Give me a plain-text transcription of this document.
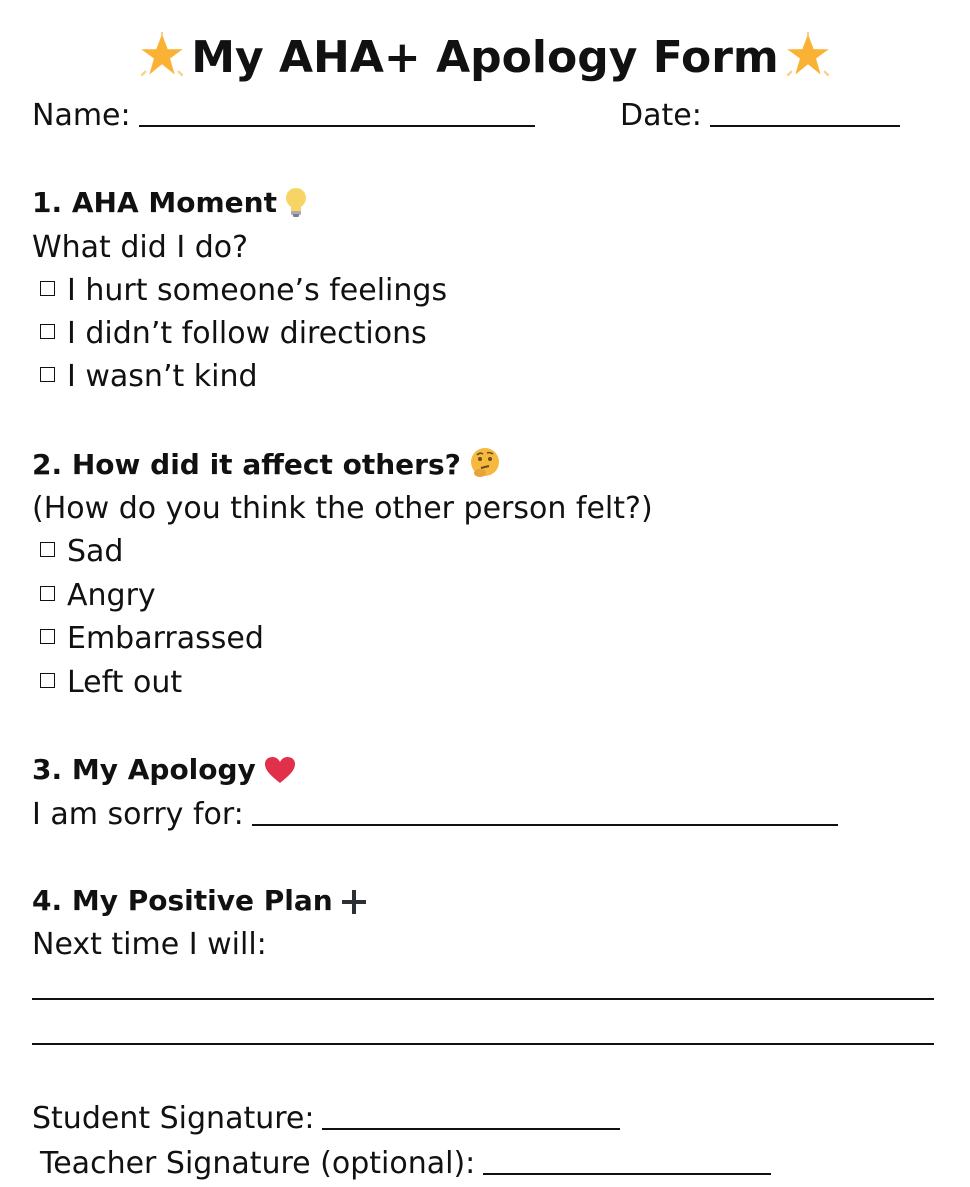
My AHA+ Apology Form
Name:	Date:
1. AHA Moment
What did I do?
I hurt someone’s feelings
I didn’t follow directions
I wasn’t kind
2. How did it affect others?
(How do you think the other person felt?)
Sad
Angry
Embarrassed
Left out
3. My Apology
I am sorry for:
4. My Positive Plan
Next time I will:
Student Signature:
Teacher Signature (optional):
